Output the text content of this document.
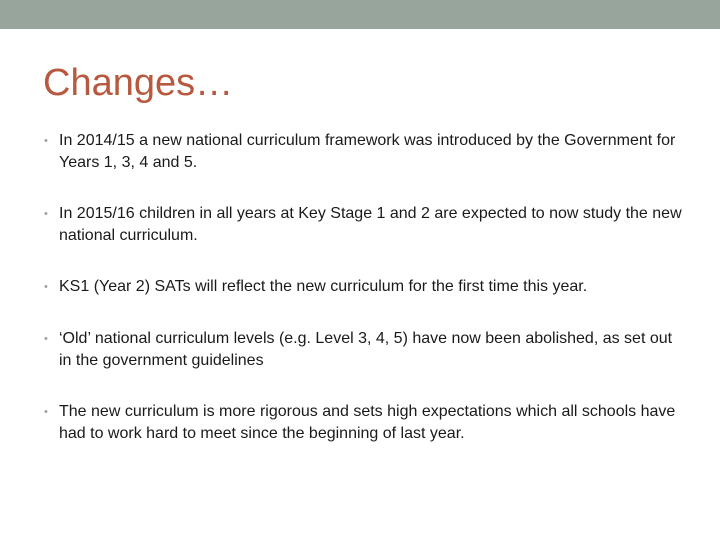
Changes…
• In 2014/15 a new national curriculum framework was introduced by the Government for Years 1, 3, 4 and 5.
• In 2015/16 children in all years at Key Stage 1 and 2 are expected to now study the new national curriculum.
• KS1 (Year 2) SATs will reflect the new curriculum for the first time this year.
• ‘Old’ national curriculum levels (e.g. Level 3, 4, 5) have now been abolished, as set out in the government guidelines
• The new curriculum is more rigorous and sets high expectations which all schools have had to work hard to meet since the beginning of last year.
